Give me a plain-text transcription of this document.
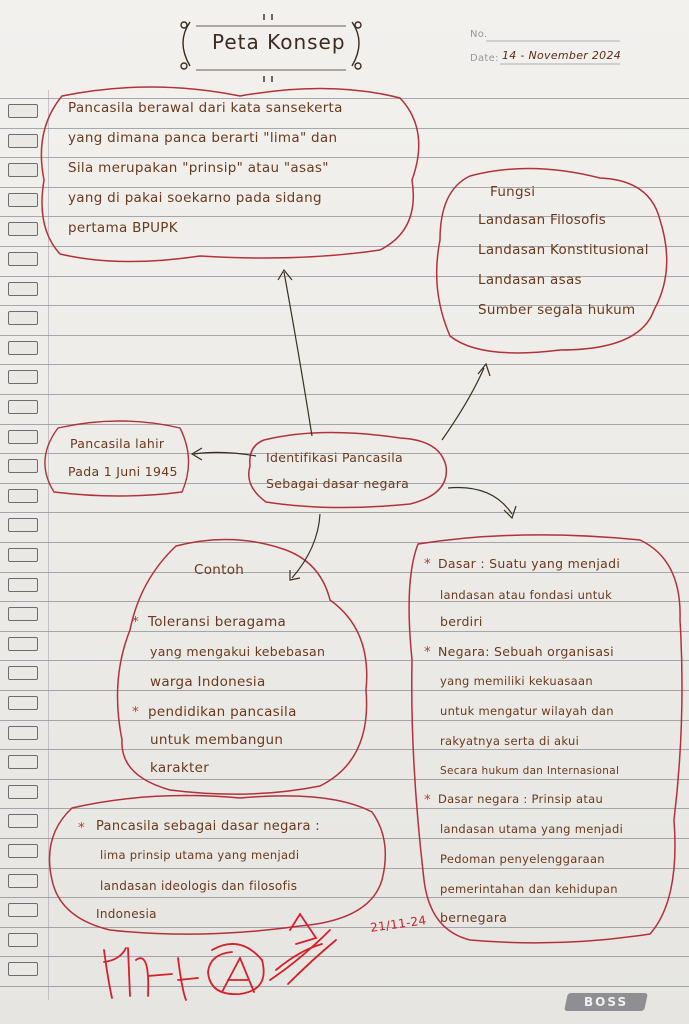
Peta Konsep	No.
Date: 14 - November 2024
Pancasila berawal dari kata sansekerta
yang dimana panca berarti "lima" dan
Sila merupakan "prinsip" atau "asas"
yang di pakai soekarno pada sidang
pertama BPUPK
Fungsi
Landasan Filosofis
Landasan Konstitusional
Landasan asas
Sumber segala hukum
Pancasila lahir
Pada 1 Juni 1945
Identifikasi Pancasila
Sebagai dasar negara
Contoh
* Toleransi beragama
yang mengakui kebebasan
warga Indonesia
* pendidikan pancasila
untuk membangun
karakter
* Dasar : Suatu yang menjadi
landasan atau fondasi untuk
berdiri
* Negara: Sebuah organisasi
yang memiliki kekuasaan
untuk mengatur wilayah dan
rakyatnya serta di akui
Secara hukum dan Internasional
* Dasar negara : Prinsip atau
landasan utama yang menjadi
Pedoman penyelenggaraan
pemerintahan dan kehidupan
bernegara
* Pancasila sebagai dasar negara :
lima prinsip utama yang menjadi
landasan ideologis dan filosofis
Indonesia	21/11-24
BOSS
